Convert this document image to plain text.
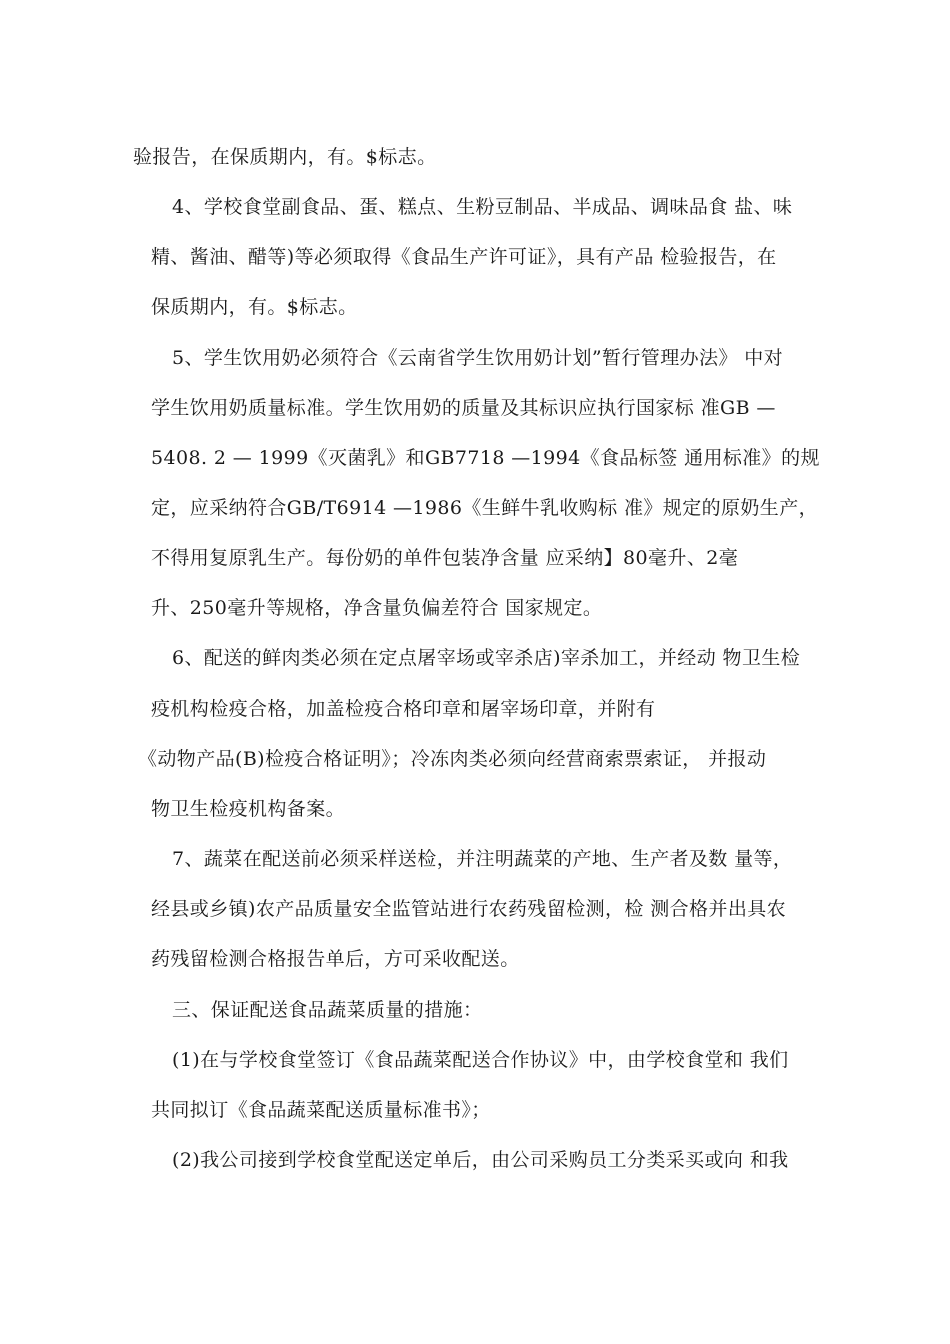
验报告，在保质期内，有。$标志。
4、学校食堂副食品、蛋、糕点、生粉豆制品、半成品、调味品食 盐、味
精、酱油、醋等)等必须取得《食品生产许可证》，具有产品 检验报告，在
保质期内，有。$标志。
5、学生饮用奶必须符合《云南省学生饮用奶计划”暂行管理办法》 中对
学生饮用奶质量标准。学生饮用奶的质量及其标识应执行国家标 准GB —
5408. 2 — 1999《灭菌乳》和GB7718 —1994《食品标签 通用标准》的规
定，应采纳符合GB/T6914 —1986《生鲜牛乳收购标 准》规定的原奶生产，
不得用复原乳生产。每份奶的单件包装净含量 应采纳】80毫升、2毫
升、250毫升等规格，净含量负偏差符合 国家规定。
6、配送的鲜肉类必须在定点屠宰场或宰杀店)宰杀加工，并经动 物卫生检
疫机构检疫合格，加盖检疫合格印章和屠宰场印章，并附有
《动物产品(B)检疫合格证明》；冷冻肉类必须向经营商索票索证， 并报动
物卫生检疫机构备案。
7、蔬菜在配送前必须采样送检，并注明蔬菜的产地、生产者及数 量等，
经县或乡镇)农产品质量安全监管站进行农药残留检测，检 测合格并出具农
药残留检测合格报告单后，方可采收配送。
三、保证配送食品蔬菜质量的措施：
(1)在与学校食堂签订《食品蔬菜配送合作协议》中，由学校食堂和 我们
共同拟订《食品蔬菜配送质量标准书》；
(2)我公司接到学校食堂配送定单后，由公司采购员工分类采买或向 和我
